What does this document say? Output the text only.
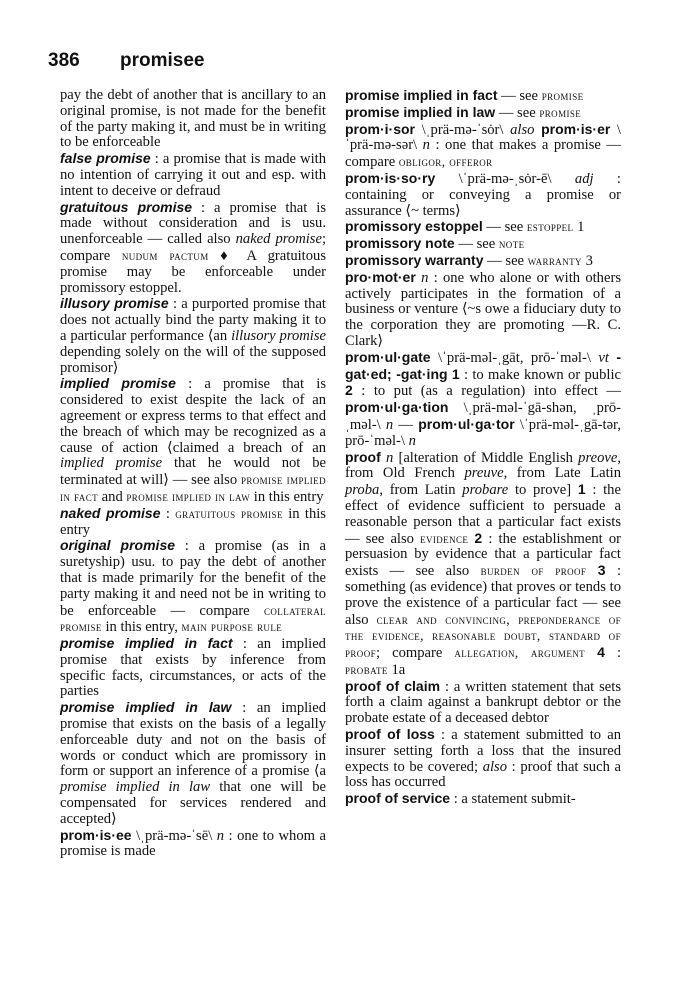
386 promisee

pay the debt of another that is ancillary to an original promise, is not made for the benefit of the party making it, and must be in writing to be enforceable

false promise : a promise that is made with no intention of carrying it out and esp. with intent to deceive or defraud

gratuitous promise : a promise that is made without consideration and is usu. unenforceable — called also naked promise; compare nudum pactum ♦ A gratuitous promise may be enforceable under promissory estoppel.

illusory promise : a purported promise that does not actually bind the party making it to a particular performance ⟨an illusory promise depending solely on the will of the supposed promisor⟩

implied promise : a promise that is considered to exist despite the lack of an agreement or express terms to that effect and the breach of which may be recognized as a cause of action ⟨claimed a breach of an implied promise that he would not be terminated at will⟩ — see also promise implied in fact and promise implied in law in this entry

naked promise : gratuitous promise in this entry

original promise : a promise (as in a suretyship) usu. to pay the debt of another that is made primarily for the benefit of the party making it and need not be in writing to be enforceable — compare collateral promise in this entry, main purpose rule

promise implied in fact : an implied promise that exists by inference from specific facts, circumstances, or acts of the parties

promise implied in law : an implied promise that exists on the basis of a legally enforceable duty and not on the basis of words or conduct which are promissory in form or support an inference of a promise ⟨a promise implied in law that one will be compensated for services rendered and accepted⟩

prom·is·ee \ˌprä-mə-ˈsē\ n : one to whom a promise is made

promise implied in fact — see promise

promise implied in law — see promise

prom·i·sor \ˌprä-mə-ˈsȯr\ also prom·is·er \ˈprä-mə-sər\ n : one that makes a promise — compare obligor, offeror

prom·is·so·ry \ˈprä-mə-ˌsȯr-ē\ adj : containing or conveying a promise or assurance ⟨~ terms⟩

promissory estoppel — see estoppel 1

promissory note — see note

promissory warranty — see warranty 3

pro·mot·er n : one who alone or with others actively participates in the formation of a business or venture ⟨~s owe a fiduciary duty to the corporation they are promoting —R. C. Clark⟩

prom·ul·gate \ˈprä-məl-ˌgāt, prō-ˈməl-\ vt -gat·ed; -gat·ing 1 : to make known or public 2 : to put (as a regulation) into effect — prom·ul·ga·tion \ˌprä-məl-ˈgā-shən, ˌprō-ˌməl-\ n — prom·ul·ga·tor \ˈprä-məl-ˌgā-tər, prō-ˈməl-\ n

proof n [alteration of Middle English preove, from Old French preuve, from Late Latin proba, from Latin probare to prove] 1 : the effect of evidence sufficient to persuade a reasonable person that a particular fact exists — see also evidence 2 : the establishment or persuasion by evidence that a particular fact exists — see also burden of proof 3 : something (as evidence) that proves or tends to prove the existence of a particular fact — see also clear and convincing, preponderance of the evidence, reasonable doubt, standard of proof; compare allegation, argument 4 : probate 1a

proof of claim : a written statement that sets forth a claim against a bankrupt debtor or the probate estate of a deceased debtor

proof of loss : a statement submitted to an insurer setting forth a loss that the insured expects to be covered; also : proof that such a loss has occurred

proof of service : a statement submit-
